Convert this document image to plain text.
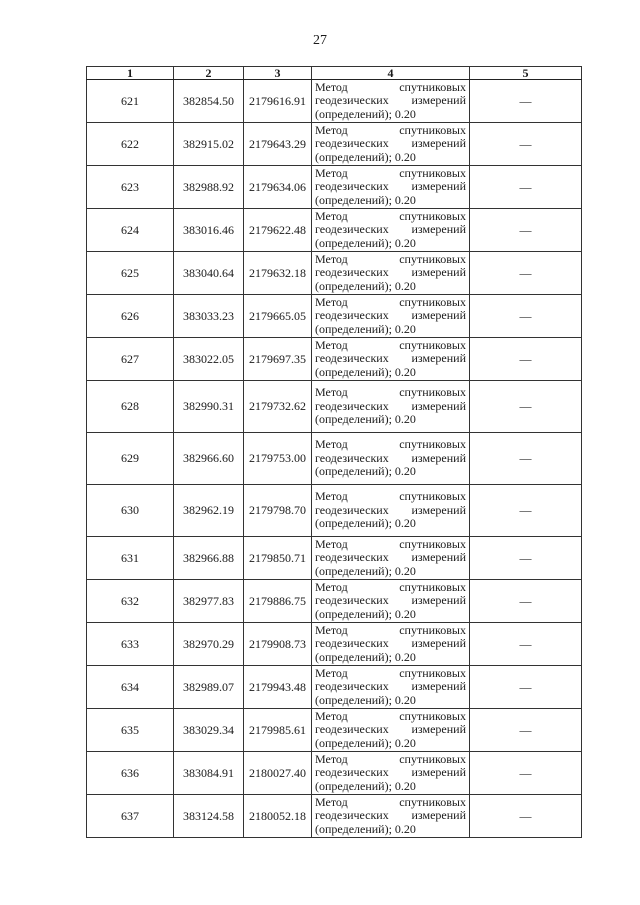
27
1	2	3	4	5
621	382854.50	2179616.91	Метод спутниковых
геодезических измерений
(определений); 0.20	—
622	382915.02	2179643.29	Метод спутниковых
геодезических измерений
(определений); 0.20	—
623	382988.92	2179634.06	Метод спутниковых
геодезических измерений
(определений); 0.20	—
624	383016.46	2179622.48	Метод спутниковых
геодезических измерений
(определений); 0.20	—
625	383040.64	2179632.18	Метод спутниковых
геодезических измерений
(определений); 0.20	—
626	383033.23	2179665.05	Метод спутниковых
геодезических измерений
(определений); 0.20	—
627	383022.05	2179697.35	Метод спутниковых
геодезических измерений
(определений); 0.20	—
628	382990.31	2179732.62	Метод спутниковых
геодезических измерений
(определений); 0.20	—
629	382966.60	2179753.00	Метод спутниковых
геодезических измерений
(определений); 0.20	—
630	382962.19	2179798.70	Метод спутниковых
геодезических измерений
(определений); 0.20	—
631	382966.88	2179850.71	Метод спутниковых
геодезических измерений
(определений); 0.20	—
632	382977.83	2179886.75	Метод спутниковых
геодезических измерений
(определений); 0.20	—
633	382970.29	2179908.73	Метод спутниковых
геодезических измерений
(определений); 0.20	—
634	382989.07	2179943.48	Метод спутниковых
геодезических измерений
(определений); 0.20	—
635	383029.34	2179985.61	Метод спутниковых
геодезических измерений
(определений); 0.20	—
636	383084.91	2180027.40	Метод спутниковых
геодезических измерений
(определений); 0.20	—
637	383124.58	2180052.18	Метод спутниковых
геодезических измерений
(определений); 0.20	—
